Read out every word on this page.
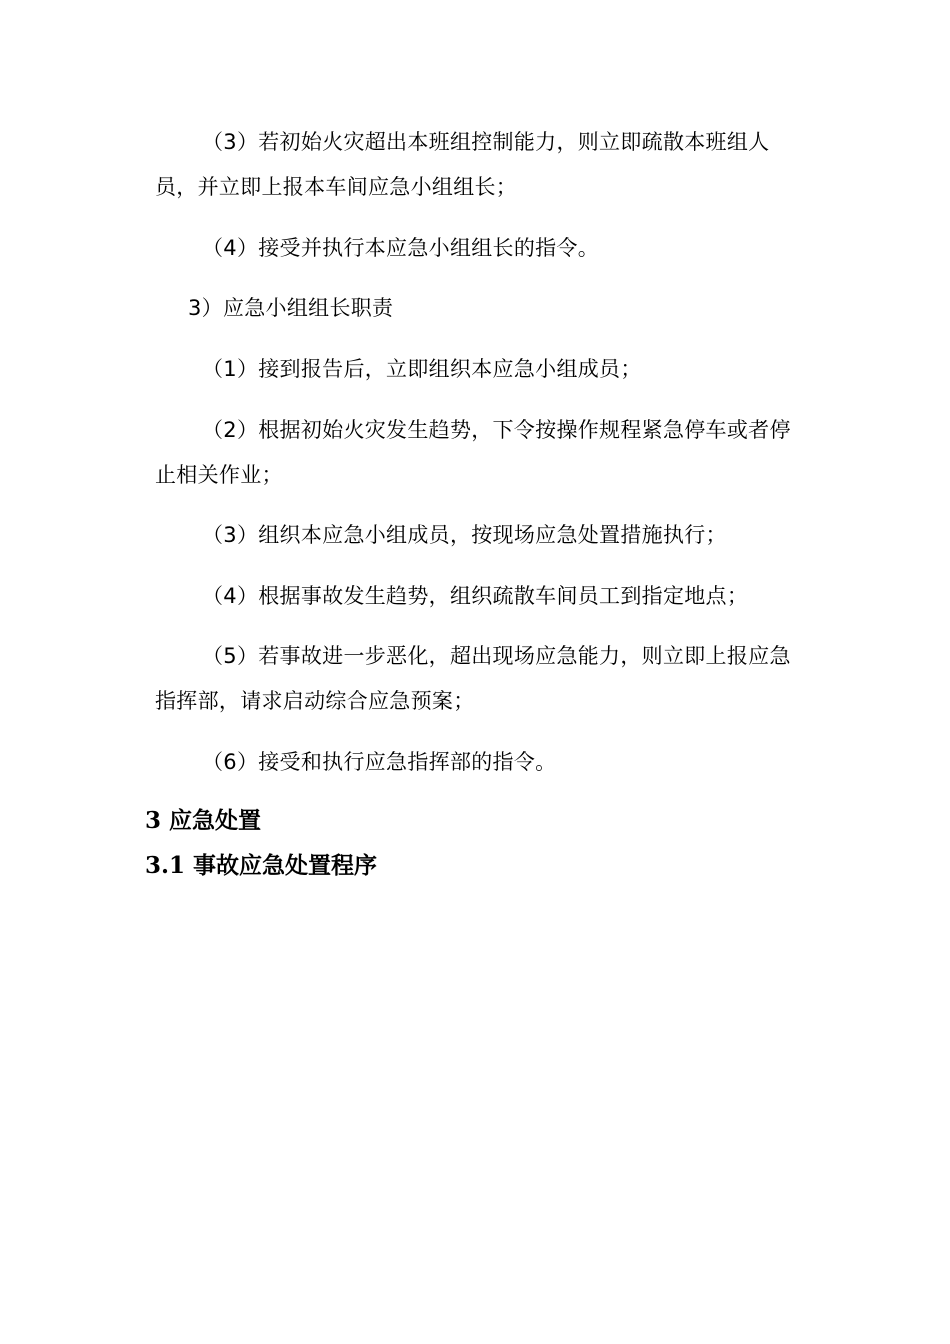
（3）若初始火灾超出本班组控制能力，则立即疏散本班组人员，并立即上报本车间应急小组组长；

（4）接受并执行本应急小组组长的指令。

3）应急小组组长职责

（1）接到报告后，立即组织本应急小组成员；

（2）根据初始火灾发生趋势，下令按操作规程紧急停车或者停止相关作业；

（3）组织本应急小组成员，按现场应急处置措施执行；

（4）根据事故发生趋势，组织疏散车间员工到指定地点；

（5）若事故进一步恶化，超出现场应急能力，则立即上报应急指挥部，请求启动综合应急预案；

（6）接受和执行应急指挥部的指令。

3 应急处置
3.1 事故应急处置程序
